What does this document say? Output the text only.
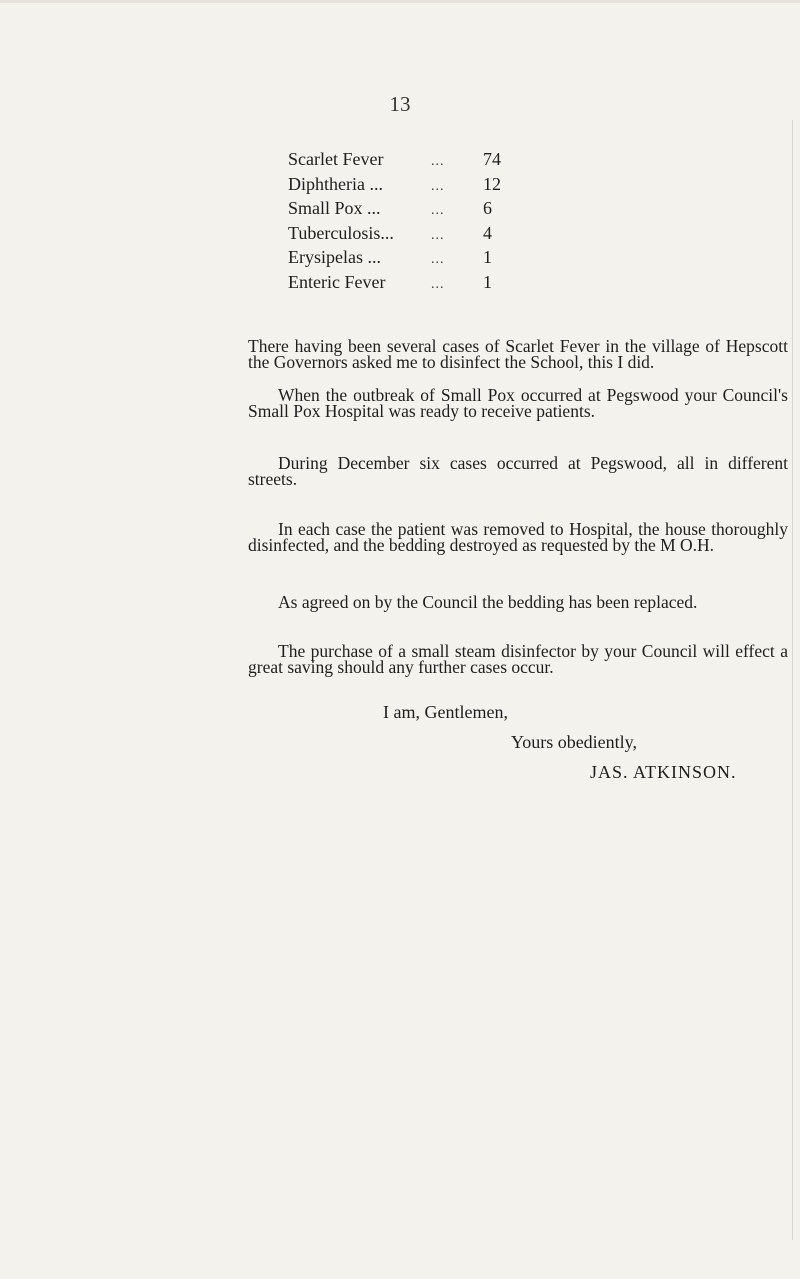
13
Scarlet Fever	...	74
Diphtheria ...	...	12
Small Pox ...	...	6
Tuberculosis...	...	4
Erysipelas ...	...	1
Enteric Fever	...	1

There having been several cases of Scarlet Fever in the village of Hepscott the Governors asked me to disinfect the School, this I did.

When the outbreak of Small Pox occurred at Pegswood your Council's Small Pox Hospital was ready to receive patients.

During December six cases occurred at Pegswood, all in different streets.

In each case the patient was removed to Hospital, the house thoroughly disinfected, and the bedding destroyed as requested by the M O.H.

As agreed on by the Council the bedding has been replaced.

The purchase of a small steam disinfector by your Council will effect a great saving should any further cases occur.

I am, Gentlemen,
Yours obediently,
JAS. ATKINSON.
